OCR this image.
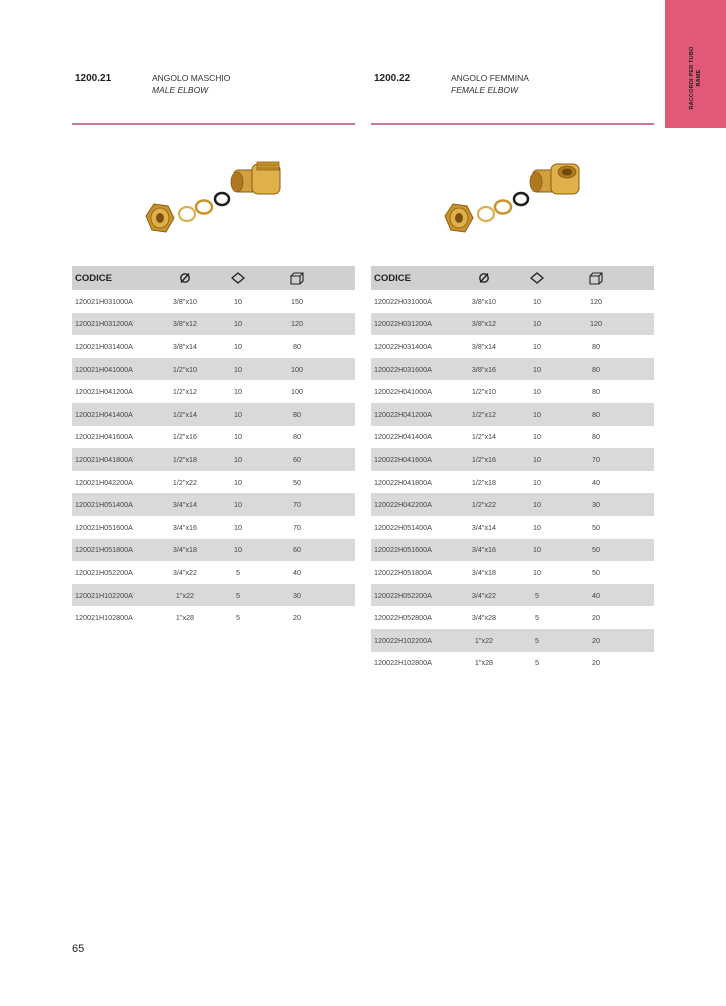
RACCORDI PER TUBO RAME
1200.21	ANGOLO MASCHIO
MALE ELBOW
CODICE
120021H031000A	3/8"x10	10	150
120021H031200A	3/8"x12	10	120
120021H031400A	3/8"x14	10	80
120021H041000A	1/2"x10	10	100
120021H041200A	1/2"x12	10	100
120021H041400A	1/2"x14	10	80
120021H041600A	1/2"x16	10	80
120021H041800A	1/2"x18	10	60
120021H042200A	1/2"x22	10	50
120021H051400A	3/4"x14	10	70
120021H051600A	3/4"x16	10	70
120021H051800A	3/4"x18	10	60
120021H052200A	3/4"x22	5	40
120021H102200A	1"x22	5	30
120021H102800A	1"x28	5	20
1200.22	ANGOLO FEMMINA
FEMALE ELBOW
CODICE
120022H031000A	3/8"x10	10	120
120022H031200A	3/8"x12	10	120
120022H031400A	3/8"x14	10	80
120022H031600A	3/8"x16	10	80
120022H041000A	1/2"x10	10	80
120022H041200A	1/2"x12	10	80
120022H041400A	1/2"x14	10	80
120022H041600A	1/2"x16	10	70
120022H041800A	1/2"x18	10	40
120022H042200A	1/2"x22	10	30
120022H051400A	3/4"x14	10	50
120022H051600A	3/4"x16	10	50
120022H051800A	3/4"x18	10	50
120022H052200A	3/4"x22	5	40
120022H052800A	3/4"x28	5	20
120022H102200A	1"x22	5	20
120022H102800A	1"x28	5	20
65
